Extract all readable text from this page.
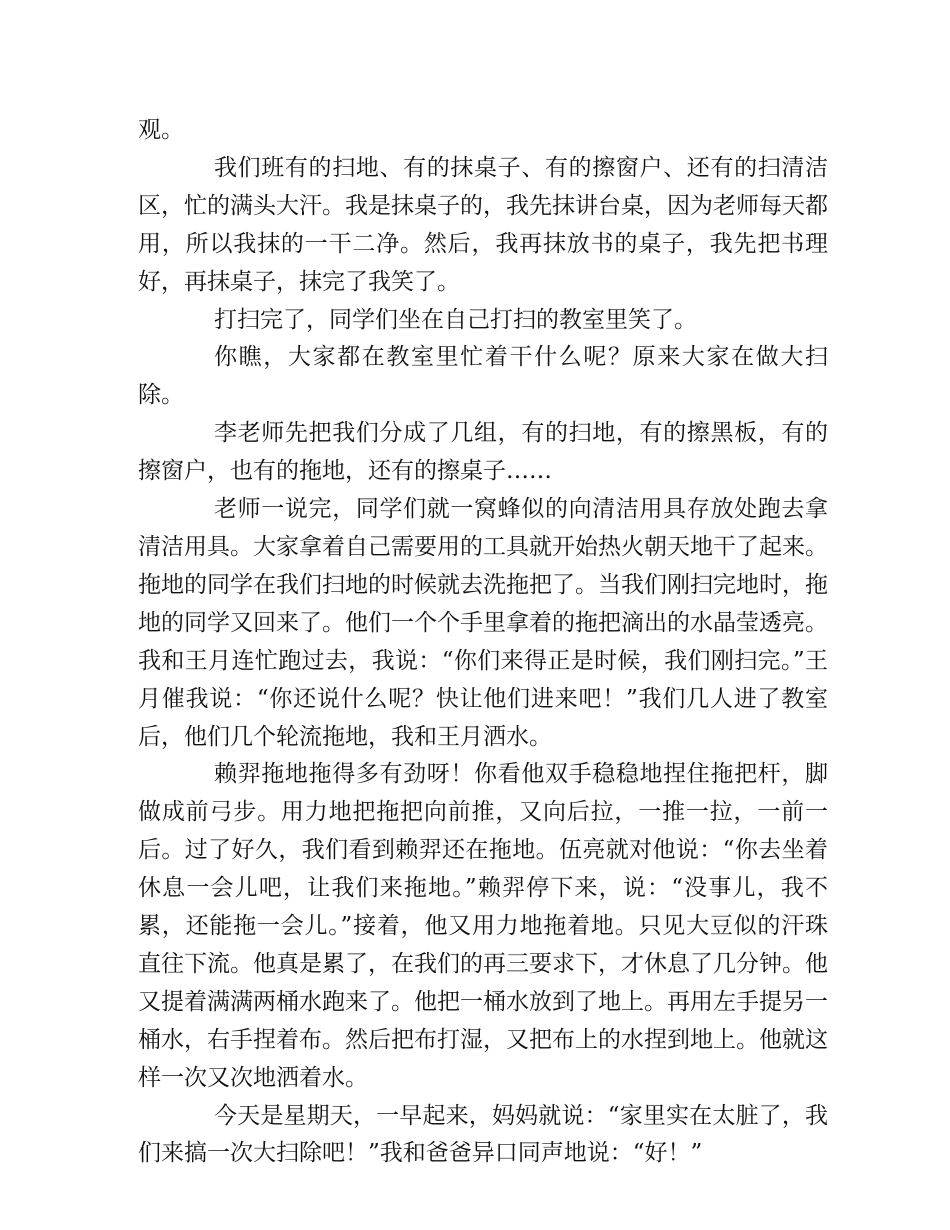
观。

我们班有的扫地、有的抹桌子、有的擦窗户、还有的扫清洁区，忙的满头大汗。我是抹桌子的，我先抹讲台桌，因为老师每天都用，所以我抹的一干二净。然后，我再抹放书的桌子，我先把书理好，再抹桌子，抹完了我笑了。

打扫完了，同学们坐在自己打扫的教室里笑了。

你瞧，大家都在教室里忙着干什么呢？原来大家在做大扫除。

李老师先把我们分成了几组，有的扫地，有的擦黑板，有的擦窗户，也有的拖地，还有的擦桌子……

老师一说完，同学们就一窝蜂似的向清洁用具存放处跑去拿清洁用具。大家拿着自己需要用的工具就开始热火朝天地干了起来。拖地的同学在我们扫地的时候就去洗拖把了。当我们刚扫完地时，拖地的同学又回来了。他们一个个手里拿着的拖把滴出的水晶莹透亮。我和王月连忙跑过去，我说：“你们来得正是时候，我们刚扫完。”王月催我说：“你还说什么呢？快让他们进来吧！”我们几人进了教室后，他们几个轮流拖地，我和王月洒水。

赖羿拖地拖得多有劲呀！你看他双手稳稳地捏住拖把杆，脚做成前弓步。用力地把拖把向前推，又向后拉，一推一拉，一前一后。过了好久，我们看到赖羿还在拖地。伍亮就对他说：“你去坐着休息一会儿吧，让我们来拖地。”赖羿停下来，说：“没事儿，我不累，还能拖一会儿。”接着，他又用力地拖着地。只见大豆似的汗珠直往下流。他真是累了，在我们的再三要求下，才休息了几分钟。他又提着满满两桶水跑来了。他把一桶水放到了地上。再用左手提另一桶水，右手捏着布。然后把布打湿，又把布上的水捏到地上。他就这样一次又次地洒着水。

今天是星期天，一早起来，妈妈就说：“家里实在太脏了，我们来搞一次大扫除吧！”我和爸爸异口同声地说：“好！”
